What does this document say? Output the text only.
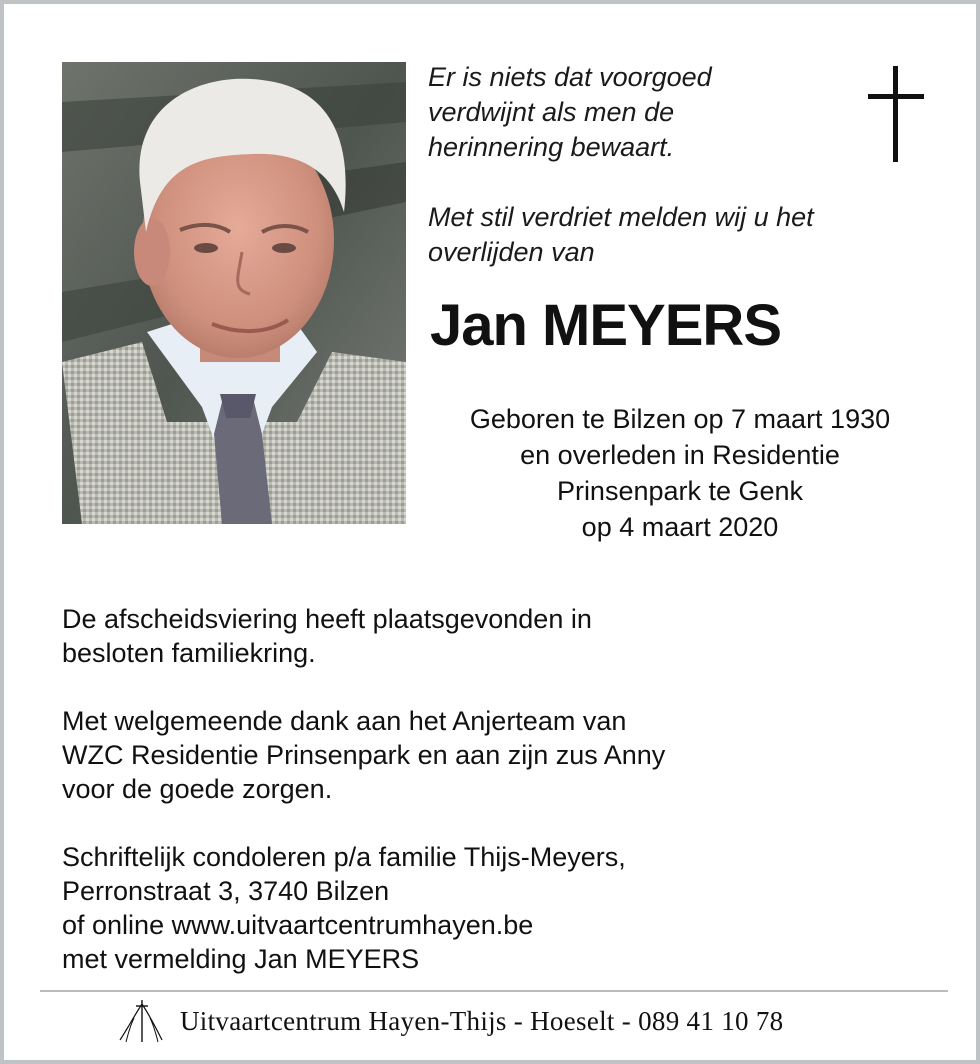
Er is niets dat voorgoed

verdwijnt als men de

herinnering bewaart.

Met stil verdriet melden wij u het

overlijden van

Jan MEYERS

Geboren te Bilzen op 7 maart 1930

en overleden in Residentie

Prinsenpark te Genk

op 4 maart 2020

De afscheidsviering heeft plaatsgevonden in

besloten familiekring.

Met welgemeende dank aan het Anjerteam van

WZC Residentie Prinsenpark en aan zijn zus Anny

voor de goede zorgen.

Schriftelijk condoleren p/a familie Thijs-Meyers,

Perronstraat 3, 3740 Bilzen

of online www.uitvaartcentrumhayen.be

met vermelding Jan MEYERS

Uitvaartcentrum Hayen-Thijs - Hoeselt - 089 41 10 78
